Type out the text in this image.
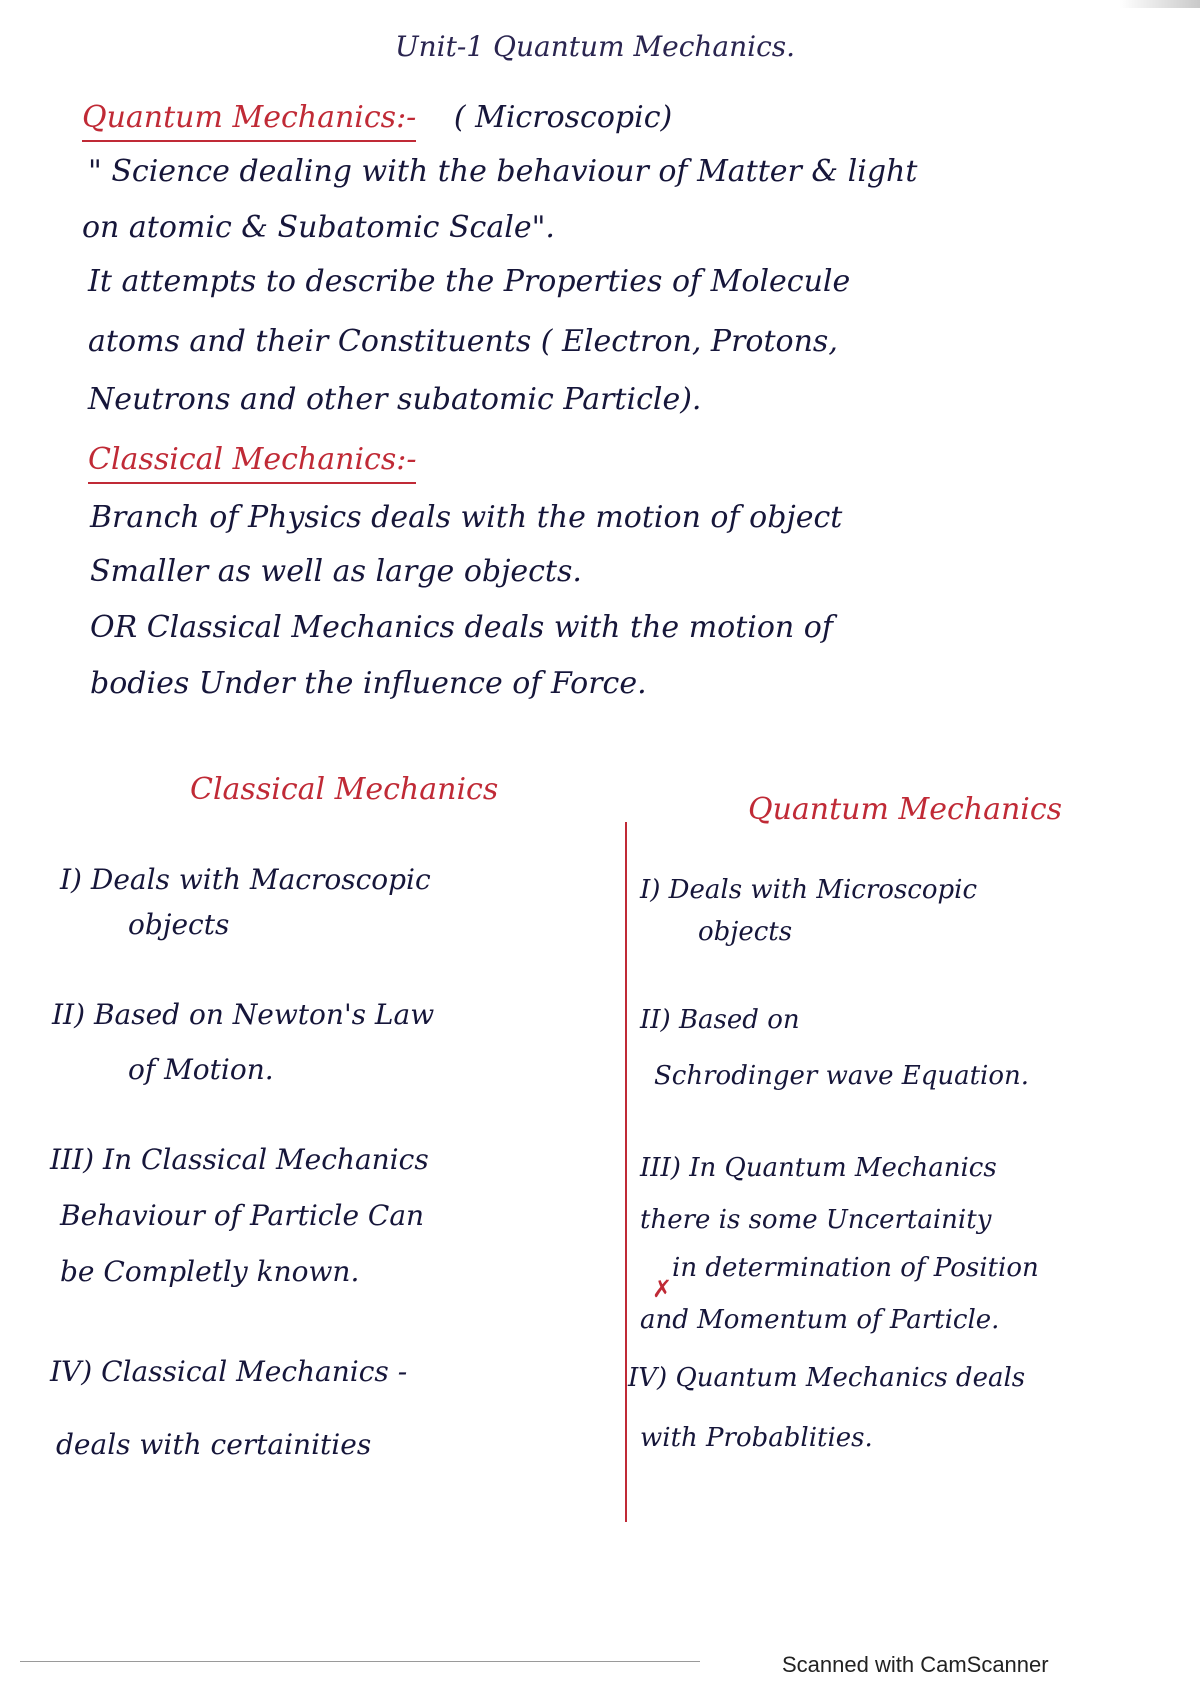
Unit-1 Quantum Mechanics.
Quantum Mechanics:- ( Microscopic)
" Science dealing with the behaviour of Matter & light
on atomic & Subatomic Scale".
It attempts to describe the Properties of Molecule
atoms and their Constituents ( Electron, Protons,
Neutrons and other subatomic Particle).
Classical Mechanics:-
Branch of Physics deals with the motion of object
Smaller as well as large objects.
OR Classical Mechanics deals with the motion of
bodies Under the influence of Force.
Classical Mechanics
Quantum Mechanics
✗
I) Deals with Macroscopic
objects
II) Based on Newton's Law
of Motion.
III) In Classical Mechanics
Behaviour of Particle Can
be Completly known.
IV) Classical Mechanics -
deals with certainities
I) Deals with Microscopic
objects
II) Based on
Schrodinger wave Equation.
III) In Quantum Mechanics
there is some Uncertainity
in determination of Position
and Momentum of Particle.
IV) Quantum Mechanics deals
with Probablities.
Scanned with CamScanner
